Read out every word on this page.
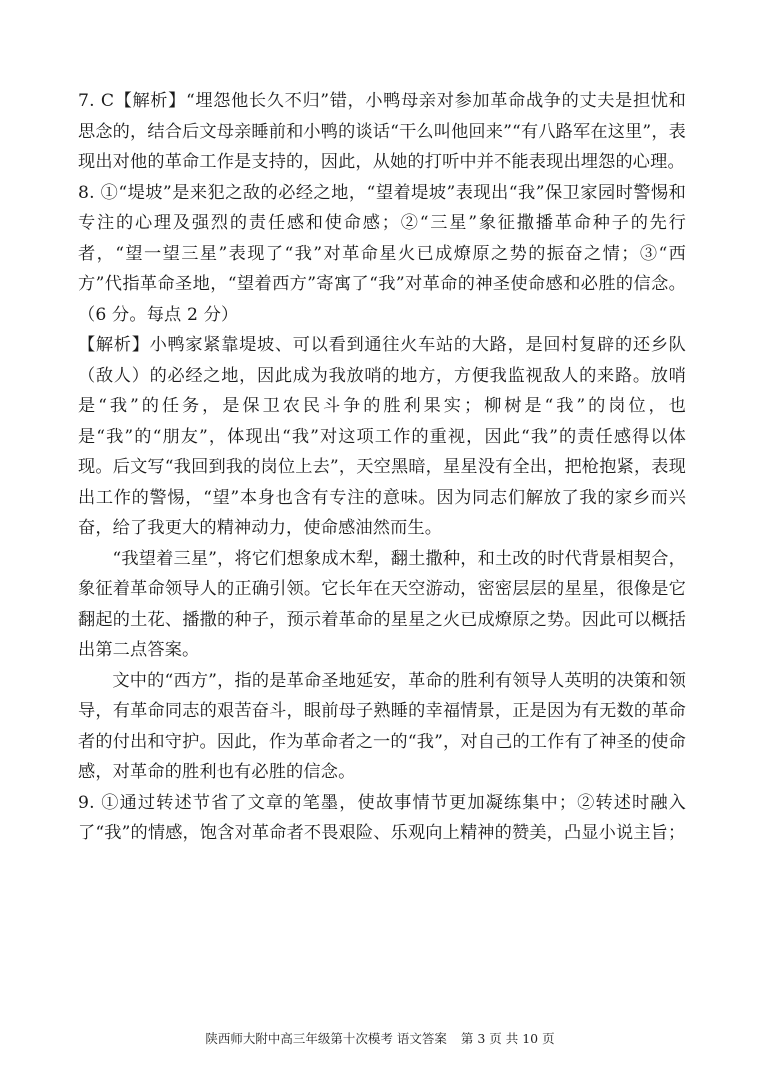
7. C【解析】“埋怨他长久不归”错，小鸭母亲对参加革命战争的丈夫是担忧和思念的，结合后文母亲睡前和小鸭的谈话“干么叫他回来”“有八路军在这里”，表现出对他的革命工作是支持的，因此，从她的打听中并不能表现出埋怨的心理。

8. ①“堤坡”是来犯之敌的必经之地，“望着堤坡”表现出“我”保卫家园时警惕和专注的心理及强烈的责任感和使命感；②“三星”象征撒播革命种子的先行者，“望一望三星”表现了“我”对革命星火已成燎原之势的振奋之情；③“西方”代指革命圣地，“望着西方”寄寓了“我”对革命的神圣使命感和必胜的信念。（6 分。每点 2 分）

【解析】小鸭家紧靠堤坡、可以看到通往火车站的大路，是回村复辟的还乡队（敌人）的必经之地，因此成为我放哨的地方，方便我监视敌人的来路。放哨是“我”的任务，是保卫农民斗争的胜利果实；柳树是“我”的岗位，也是“我”的“朋友”，体现出“我”对这项工作的重视，因此“我”的责任感得以体现。后文写“我回到我的岗位上去”，天空黑暗，星星没有全出，把枪抱紧，表现出工作的警惕，“望”本身也含有专注的意味。因为同志们解放了我的家乡而兴奋，给了我更大的精神动力，使命感油然而生。

“我望着三星”，将它们想象成木犁，翻土撒种，和土改的时代背景相契合，象征着革命领导人的正确引领。它长年在天空游动，密密层层的星星，很像是它翻起的土花、播撒的种子，预示着革命的星星之火已成燎原之势。因此可以概括出第二点答案。

文中的“西方”，指的是革命圣地延安，革命的胜利有领导人英明的决策和领导，有革命同志的艰苦奋斗，眼前母子熟睡的幸福情景，正是因为有无数的革命者的付出和守护。因此，作为革命者之一的“我”，对自己的工作有了神圣的使命感，对革命的胜利也有必胜的信念。

9. ①通过转述节省了文章的笔墨，使故事情节更加凝练集中；②转述时融入了“我”的情感，饱含对革命者不畏艰险、乐观向上精神的赞美，凸显小说主旨；

陕西师大附中高三年级第十次模考 语文答案 第 3 页 共 10 页
